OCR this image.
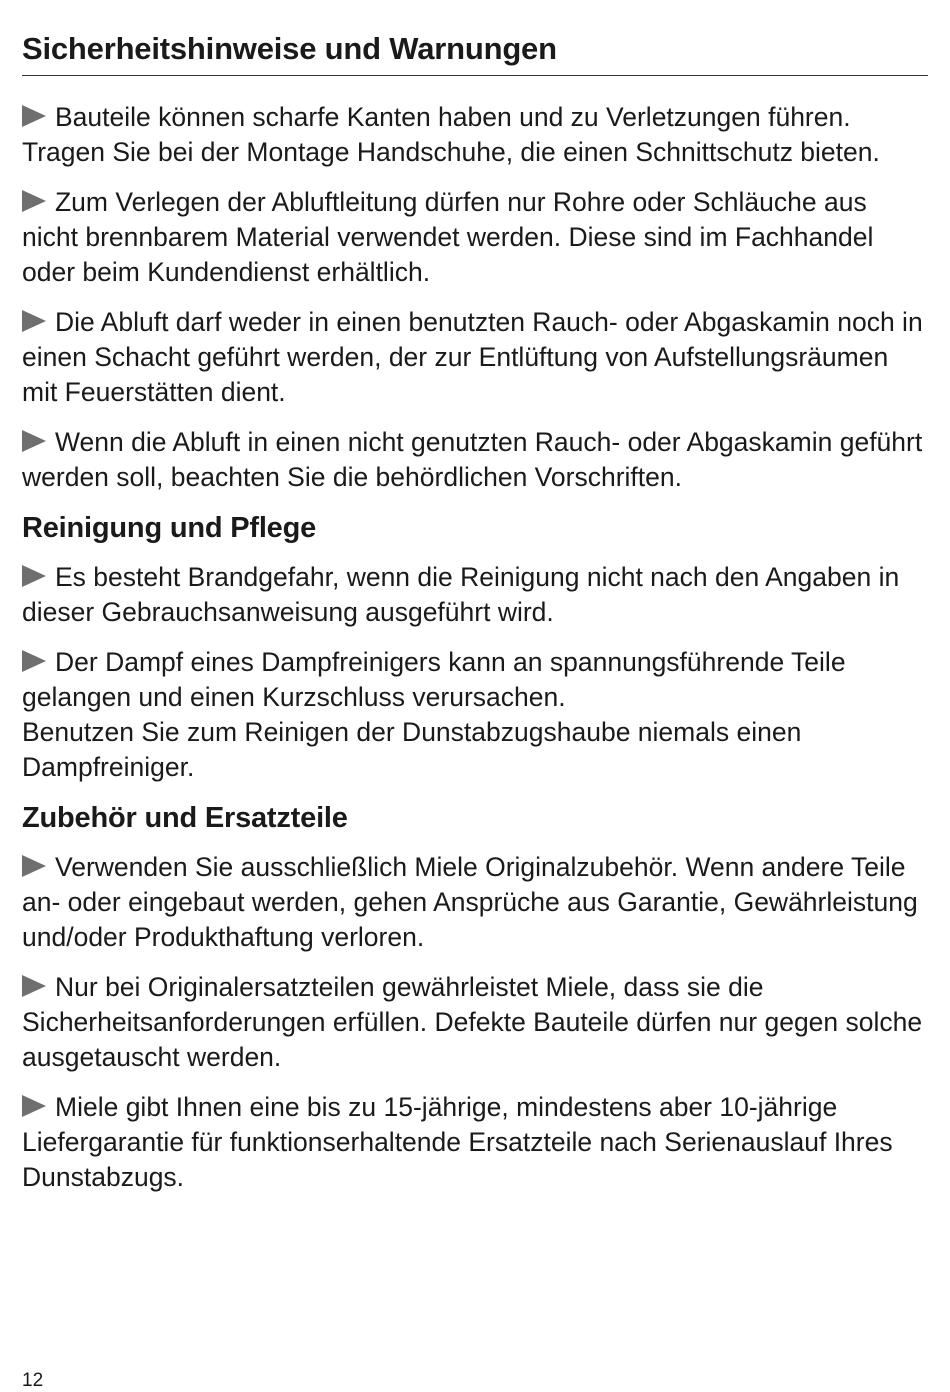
Sicherheitshinweise und Warnungen

Bauteile können scharfe Kanten haben und zu Verletzungen führen.

Tragen Sie bei der Montage Handschuhe, die einen Schnittschutz bieten.

Zum Verlegen der Abluftleitung dürfen nur Rohre oder Schläuche aus nicht brennbarem Material verwendet werden. Diese sind im Fachhandel oder beim Kundendienst erhältlich.

Die Abluft darf weder in einen benutzten Rauch- oder Abgaskamin noch in einen Schacht geführt werden, der zur Entlüftung von Aufstellungsräumen mit Feuerstätten dient.

Wenn die Abluft in einen nicht genutzten Rauch- oder Abgaskamin geführt werden soll, beachten Sie die behördlichen Vorschriften.

Reinigung und Pflege

Es besteht Brandgefahr, wenn die Reinigung nicht nach den Angaben in dieser Gebrauchsanweisung ausgeführt wird.

Der Dampf eines Dampfreinigers kann an spannungsführende Teile gelangen und einen Kurzschluss verursachen.

Benutzen Sie zum Reinigen der Dunstabzugshaube niemals einen Dampfreiniger.

Zubehör und Ersatzteile

Verwenden Sie ausschließlich Miele Originalzubehör. Wenn andere Teile an- oder eingebaut werden, gehen Ansprüche aus Garantie, Gewährleistung und/oder Produkthaftung verloren.

Nur bei Originalersatzteilen gewährleistet Miele, dass sie die Sicherheitsanforderungen erfüllen. Defekte Bauteile dürfen nur gegen solche ausgetauscht werden.

Miele gibt Ihnen eine bis zu 15-jährige, mindestens aber 10-jährige Liefergarantie für funktionserhaltende Ersatzteile nach Serienauslauf Ihres Dunstabzugs.

12
